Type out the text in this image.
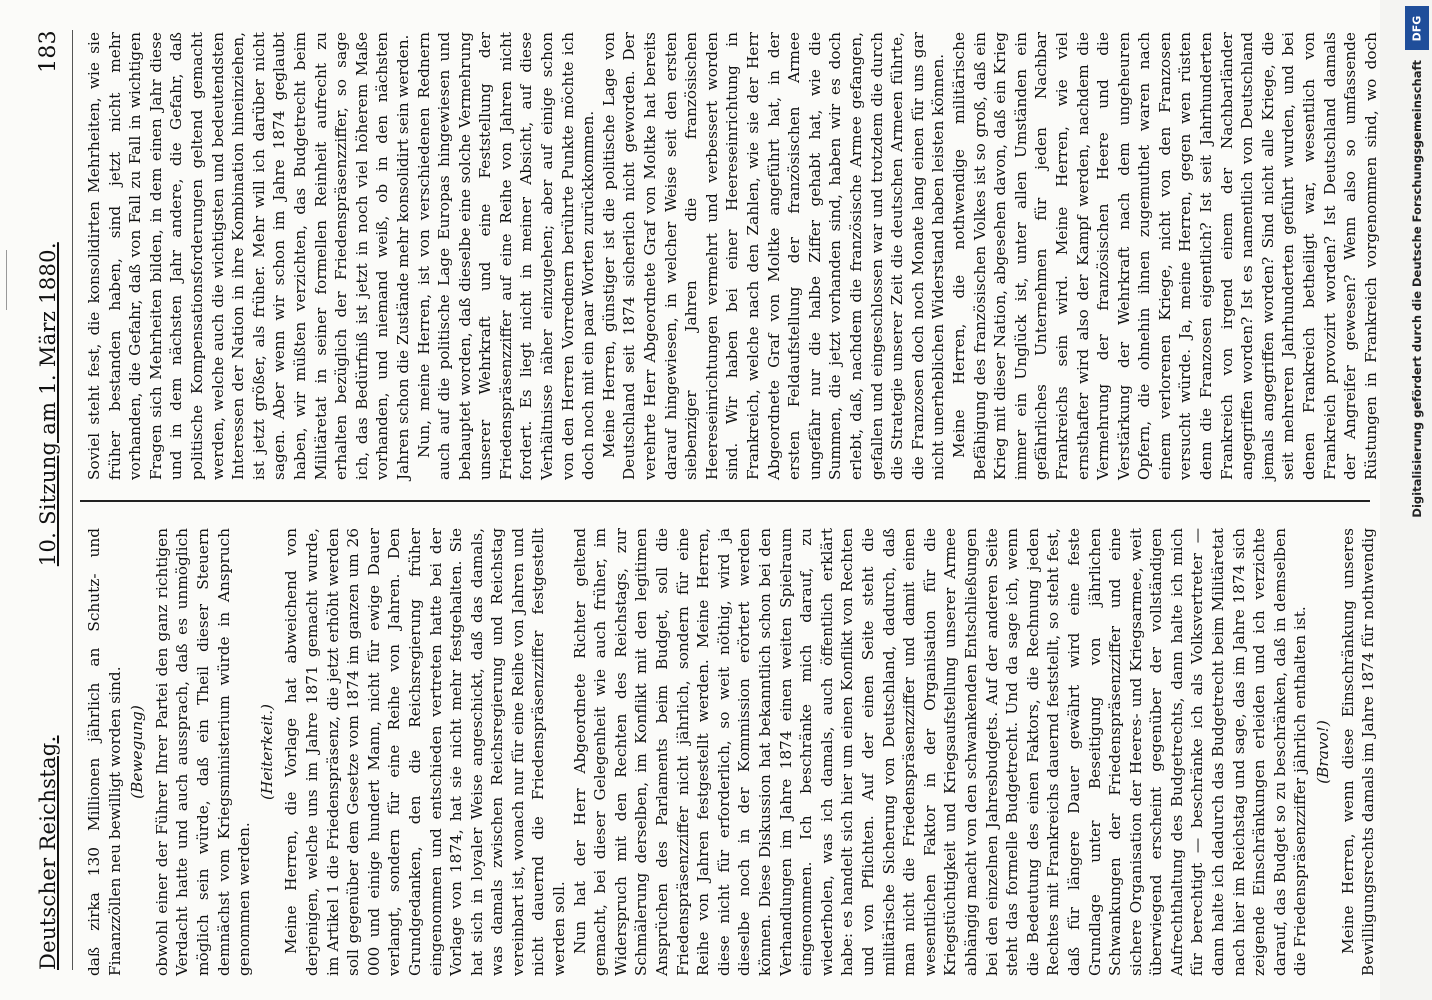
Deutscher Reichstag.
10. Sitzung am 1. März 1880.
183

daß zirka 130 Millionen jährlich an Schutz- und Finanzzöllen neu bewilligt worden sind. (Bewegung) obwohl einer der Führer Ihrer Partei den ganz richtigen Verdacht hatte und auch aussprach, daß es unmöglich möglich sein würde, daß ein Theil dieser Steuern demnächst vom Kriegsministerium würde in Anspruch genommen werden.

(Heiterkeit.) Meine Herren, die Vorlage hat abweichend von derjenigen, welche uns im Jahre 1871 gemacht wurde, im Artikel 1 die Friedenspräsenz, die jetzt erhöht werden soll gegenüber dem Gesetze vom 1874 im ganzen um 26 000 und einige hundert Mann, nicht für ewige Dauer verlangt, sondern für eine Reihe von Jahren. Den Grundgedanken, den die Reichsregierung früher eingenommen und entschieden vertreten hatte bei der Vorlage von 1874, hat sie nicht mehr festgehalten. Sie hat sich in loyaler Weise angeschickt, daß das damals, was damals zwischen Reichsregierung und Reichstag vereinbart ist, wonach nur für eine Reihe von Jahren und nicht dauernd die Friedenspräsenzziffer festgestellt werden soll. Nun hat der Herr Abgeordnete Richter geltend gemacht, bei dieser Gelegenheit wie auch früher, im Widerspruch mit den Rechten des Reichstags, zur Schmälerung derselben, im Konflikt mit den legitimen Ansprüchen des Parlaments beim Budget, soll die Friedenspräsenzziffer nicht jährlich, sondern für eine Reihe von Jahren festgestellt werden. Meine Herren, diese nicht für erforderlich, so weit nöthig, wird ja dieselbe noch in der Kommission erörtert werden können. Diese Diskussion hat bekanntlich schon bei den Verhandlungen im Jahre 1874 einen weiten Spielraum eingenommen. Ich beschränke mich darauf, zu wiederholen, was ich damals, auch öffentlich erklärt habe: es handelt sich hier um einen Konflikt von Rechten und von Pflichten. Auf der einen Seite steht die militärische Sicherung von Deutschland, dadurch, daß man nicht die Friedenspräsenzziffer und damit einen wesentlichen Faktor in der Organisation für die Kriegstüchtigkeit und Kriegsaufstellung unserer Armee abhängig macht von den schwankenden Entschließungen bei den einzelnen Jahresbudgets. Auf der anderen Seite steht das formelle Budgetrecht. Und da sage ich, wenn die Bedeutung des einen Faktors, die Rechnung jeden Rechtes mit Frankreichs dauernd feststellt, so steht fest, daß für längere Dauer gewährt wird eine feste Grundlage unter Beseitigung von jährlichen Schwankungen der Friedenspräsenzziffer und eine sichere Organisation der Heeres- und Kriegsarmee, weit überwiegend erscheint gegenüber der vollständigen Aufrechthaltung des Budgetrechts, dann halte ich mich für berechtigt — beschränke ich als Volksvertreter — dann halte ich dadurch das Budgetrecht beim Militäretat nach hier im Reichstag und sage, das im Jahre 1874 sich zeigende Einschränkungen erleiden und ich verzichte darauf, das Budget so zu beschränken, daß in demselben die Friedenspräsenzziffer jährlich enthalten ist. (Bravo!)

Meine Herren, wenn diese Einschränkung unseres Bewilligungsrechts damals im Jahre 1874 für nothwendig

Soviel steht fest, die konsolidirten Mehrheiten, wie sie früher bestanden haben, sind jetzt nicht mehr vorhanden, die Gefahr, daß von Fall zu Fall in wichtigen Fragen sich Mehrheiten bilden, in dem einen Jahr diese und in dem nächsten Jahr andere, die Gefahr, daß politische Kompensationsforderungen geltend gemacht werden, welche auch die wichtigsten und bedeutendsten Interessen der Nation in ihre Kombination hineinziehen, ist jetzt größer, als früher. Mehr will ich darüber nicht sagen. Aber wenn wir schon im Jahre 1874 geglaubt haben, wir müßten verzichten, das Budgetrecht beim Militäretat in seiner formellen Reinheit aufrecht zu erhalten bezüglich der Friedenspräsenzziffer, so sage ich, das Bedürfniß ist jetzt in noch viel höherem Maße vorhanden, und niemand weiß, ob in den nächsten Jahren schon die Zustände mehr konsolidirt sein werden. Nun, meine Herren, ist von verschiedenen Rednern auch auf die politische Lage Europas hingewiesen und behauptet worden, daß dieselbe eine solche Vermehrung unserer Wehrkraft und eine Feststellung der Friedenspräsenzziffer auf eine Reihe von Jahren nicht fordert. Es liegt nicht in meiner Absicht, auf diese Verhältnisse näher einzugehen; aber auf einige schon von den Herren Vorrednern berührte Punkte möchte ich doch noch mit ein paar Worten zurückkommen. Meine Herren, günstiger ist die politische Lage von Deutschland seit 1874 sicherlich nicht geworden. Der verehrte Herr Abgeordnete Graf von Moltke hat bereits darauf hingewiesen, in welcher Weise seit den ersten siebenziger Jahren die französischen Heereseinrichtungen vermehrt und verbessert worden sind. Wir haben bei einer Heereseinrichtung in Frankreich, welche nach den Zahlen, wie sie der Herr Abgeordnete Graf von Moltke angeführt hat, in der ersten Feldaufstellung der französischen Armee ungefähr nur die halbe Ziffer gehabt hat, wie die Summen, die jetzt vorhanden sind, haben wir es doch erlebt, daß, nachdem die französische Armee gefangen, gefallen und eingeschlossen war und trotzdem die durch die Strategie unserer Zeit die deutschen Armeen führte, die Franzosen doch noch Monate lang einen für uns gar nicht unerheblichen Widerstand haben leisten können. Meine Herren, die nothwendige militärische Befähigung des französischen Volkes ist so groß, daß ein Krieg mit dieser Nation, abgesehen davon, daß ein Krieg immer ein Unglück ist, unter allen Umständen ein gefährliches Unternehmen für jeden Nachbar Frankreichs sein wird. Meine Herren, wie viel ernsthafter wird also der Kampf werden, nachdem die Vermehrung der französischen Heere und die Verstärkung der Wehrkraft nach dem ungeheuren Opfern, die ohnehin ihnen zugemuthet waren nach einem verlorenen Kriege, nicht von den Franzosen versucht würde. Ja, meine Herren, gegen wen rüsten denn die Franzosen eigentlich? Ist seit Jahrhunderten Frankreich von irgend einem der Nachbarländer angegriffen worden? Ist es namentlich von Deutschland jemals angegriffen worden? Sind nicht alle Kriege, die seit mehreren Jahrhunderten geführt wurden, und bei denen Frankreich betheiligt war, wesentlich von Frankreich provozirt worden? Ist Deutschland damals der Angreifer gewesen? Wenn also so umfassende Rüstungen in Frankreich vorgenommen sind, wo doch

DFG
Digitalisierung gefördert durch die Deutsche Forschungsgemeinschaft
